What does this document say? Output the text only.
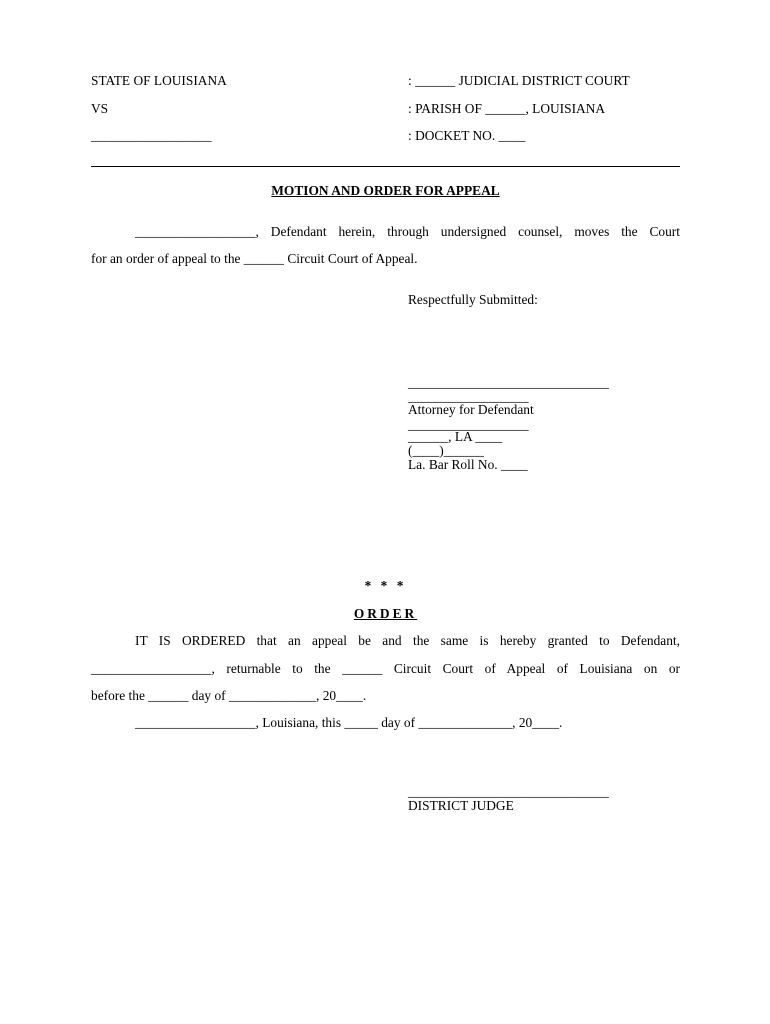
STATE OF LOUISIANA	: ______ JUDICIAL DISTRICT COURT
VS	: PARISH OF ______, LOUISIANA
__________________	: DOCKET NO. ____
MOTION AND ORDER FOR APPEAL
__________________, Defendant herein, through undersigned counsel, moves the Court
for an order of appeal to the ______ Circuit Court of Appeal.
Respectfully Submitted:
______________________________
__________________
Attorney for Defendant
__________________
______, LA ____
(____)______
La. Bar Roll No. ____
* * *
ORDER
IT IS ORDERED that an appeal be and the same is hereby granted to Defendant,
__________________, returnable to the ______ Circuit Court of Appeal of Louisiana on or
before the ______ day of _____________, 20____.
__________________, Louisiana, this _____ day of ______________, 20____.
______________________________
DISTRICT JUDGE
